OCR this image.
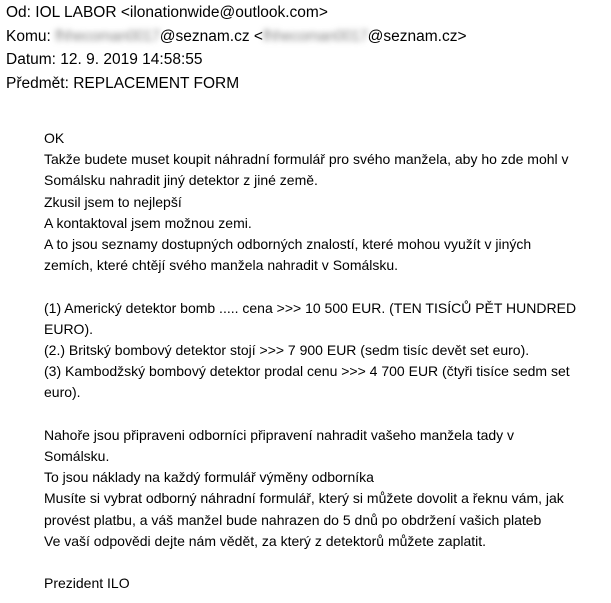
Od: IOL LABOR <ilonationwide@outlook.com>
Komu: fhhecoman0017@seznam.cz <fhhecoman0017@seznam.cz>
Datum: 12. 9. 2019 14:58:55
Předmět: REPLACEMENT FORM
OK
Takže budete muset koupit náhradní formulář pro svého manžela, aby ho zde mohl v
Somálsku nahradit jiný detektor z jiné země.
Zkusil jsem to nejlepší
A kontaktoval jsem možnou zemi.
A to jsou seznamy dostupných odborných znalostí, které mohou využít v jiných
zemích, které chtějí svého manžela nahradit v Somálsku.
(1) Americký detektor bomb ..... cena >>> 10 500 EUR. (TEN TISÍCŮ PĚT HUNDRED
EURO).
(2.) Britský bombový detektor stojí >>> 7 900 EUR (sedm tisíc devět set euro).
(3) Kambodžský bombový detektor prodal cenu >>> 4 700 EUR (čtyři tisíce sedm set
euro).
Nahoře jsou připraveni odborníci připravení nahradit vašeho manžela tady v
Somálsku.
To jsou náklady na každý formulář výměny odborníka
Musíte si vybrat odborný náhradní formulář, který si můžete dovolit a řeknu vám, jak
provést platbu, a váš manžel bude nahrazen do 5 dnů po obdržení vašich plateb
Ve vaší odpovědi dejte nám vědět, za který z detektorů můžete zaplatit.
Prezident ILO
